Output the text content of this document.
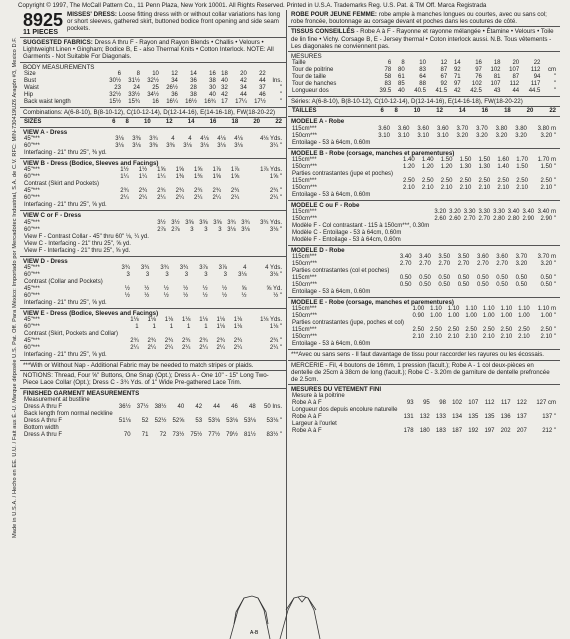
Copyright © 1997, The McCall Pattern Co., 11 Penn Plaza, New York 10001. All Rights Reserved. Printed in U.S.A. Trademarks Reg. U.S. Pat. & TM Off. Marca Registrada
Made in U.S.A. / Hecho en EE. U.U. / Fait aux É.-U. Marque déposée U.S. Pat. Off. Para México: Importado por Mercadotec Industrial, S.A. de C.V. RFC: MIN-730419UZ6 Aragón #3, Mexico D.F.
8925
11 PIECES
MISSES' DRESS: Loose fitting dress with or without collar variations has long or short sleeves, gathered skirt, buttoned bodice front opening and side seam pockets.
SUGGESTED FABRICS: Dress A thru F - Rayon and Rayon Blends • Challis • Velours • Lightweight Linen • Gingham; Bodice B, E - also Thermal Knits • Cotton Interlock. NOTE: All Garments - Not Suitable For Diagonals.
BODY MEASUREMENTS
Size	6	8	10	12	14	16	18	20	22	
Bust	30½	31½	32½	34	36	38	40	42	44	Ins.
Waist	23	24	25	26½	28	30	32	34	37	"
Hip	32½	33½	34½	36	38	40	42	44	46	"
Back waist length	15½	15¾	16	16¼	16½	16¾	17	17¼	17½	"
Combinations: A(6-8-10), B(8-10-12), C(10-12-14), D(12-14-16), E(14-16-18), FW(18-20-22)
SIZES	6	8	10	12	14	16	18	20	22
VIEW A - Dress
45"***	3⅛	3⅜	3¾	4	4	4⅛	4⅛	4⅛	4⅛ Yds.
60"***	3⅛	3⅛	3⅜	3⅜	3⅛	3⅛	3⅛	3⅛	3¼ "
Interfacing - 21" thru 25", ⅜ yd.									
VIEW B - Dress (Bodice, Sleeves and Facings)
45"***		1½	1½	1⅝	1⅝	1⅝	1⅞	1⅞	1⅞ Yds.
60"***		1¼	1¼	1¼	1⅜	1⅜	1⅝	1⅝	1⅝ "
Contrast (Skirt and Pockets)									
45"***		2¾	2¾	2¾	2¾	2¾	2¾	2¾	2¾ "
60"***		2¼	2¼	2¼	2¼	2¼	2¼	2¼	2¼ "
Interfacing - 21" thru 25", ⅝ yd.									
VIEW C or F - Dress
45"***		3½	3½	3⅝	3⅝	3⅝	3¾	3¾	3¾ Yds.
60"***		2⅞	2⅞	3	3	3	3⅛	3⅛	3⅛ "
View F - Contrast Collar - 45" thru 60" ⅛, ¼ yd.									
View C - Interfacing - 21" thru 25", ⅝ yd.									
View F - Interfacing - 21" thru 25", ⅝ yd.									
VIEW D - Dress
45"***		3¾	3¾	3¾	3¾	3⅞	3⅞	4	4 Yds.
60"***		3	3	3	3	3	3	3⅛	3⅛ "
Contrast (Collar and Pockets)									
45"***		½	½	½	½	½	½	⅝	⅝ Yd.
60"***		½	½	½	½	½	½	½	½ "
Interfacing - 21" thru 25", ⅝ yd.									
VIEW E - Dress (Bodice, Sleeves and Facings)
45"***		1⅛	1⅛	1⅛	1⅛	1⅛	1⅛	1⅛	1⅛ Yds.
60"***		1	1	1	1	1	1⅛	1⅛	1⅛ "
Contrast (Skirt, Pockets and Collar)									
45"***		2¾	2¾	2¾	2¾	2¾	2¾	2¾	2¾ "
60"***		2¼	2¼	2¼	2¼	2¼	2¼	2¼	2¼ "
Interfacing - 21" thru 25", ⅝ yd.									
***With or Without Nap - Additional Fabric may be needed to match stripes or plaids.
NOTIONS: Thread, Four ⅝" Buttons, One Snap (Opt.); Dress A - One 10" - 15" Long Two-Piece Lace Collar (Opt.); Dress C - 3¾ Yds. of 1" Wide Pre-gathered Lace Trim.
FINISHED GARMENT MEASUREMENTS
Measurement at bustline									
Dress A thru F	36½	37½	38½	40	42	44	46	48	50 Ins.
Back length from normal neckline									
Dress A thru F	51⅛	52	52½	52⅝	53	53⅛	53⅛	53⅛	53⅛ "
Bottom width									
Dress A thru F	70	71	72	73½	75½	77½	79½	81½	83½ "
ROBE POUR JEUNE FEMME: robe ample à manches longues ou courtes, avec ou sans col; robe froncée, boutonnage au corsage devant et poches dans les coutures de côté.
TISSUS CONSEILLÉS - Robe A à F - Rayonne et rayonne mélangée • Étamine • Velours • Toile de lin fine • Vichy. Corsage B, E - Jersey thermal • Coton interlock aussi. N.B. Tous vêtements - Les diagonales ne conviennent pas.
MESURES
Taille	6	8	10	12	14	16	18	20	22	
Tour de poitrine	78	80	83	87	92	97	102	107	112	cm
Tour de taille	58	61	64	67	71	76	81	87	94	"
Tour de hanches	83	85	88	92	97	102	107	112	117	"
Longueur dos	39.5	40	40.5	41.5	42	42.5	43	44	44.5	"
Séries: A(6-8-10), B(8-10-12), C(10-12-14), D(12-14-16), E(14-16-18), FW(18-20-22)
TAILLES	6	8	10	12	14	16	18	20	22
MODELE A - Robe
115cm***	3.60	3.60	3.60	3.60	3.70	3.70	3.80	3.80	3.80 m
150cm***	3.10	3.10	3.10	3.10	3.20	3.20	3.20	3.20	3.20 "
Entoilage - 53 à 64cm, 0.60m									
MODELE B - Robe (corsage, manches et parementures)
115cm***		1.40	1.40	1.50	1.50	1.50	1.60	1.70	1.70 m
150cm***		1.20	1.20	1.20	1.30	1.30	1.40	1.50	1.50 "
Parties contrastantes (jupe et poches)									
115cm***		2.50	2.50	2.50	2.50	2.50	2.50	2.50	2.50 "
150cm***		2.10	2.10	2.10	2.10	2.10	2.10	2.10	2.10 "
Entoilage - 53 à 64cm, 0.60m									
MODELE C ou F - Robe
115cm***		3.20	3.20	3.30	3.30	3.30	3.40	3.40	3.40 m
150cm***		2.60	2.60	2.70	2.70	2.80	2.80	2.90	2.90 "
Modèle F - Col contrastant - 115 à 150cm***, 0.30m									
Modèle C - Entoilage - 53 à 64cm, 0.60m									
Modèle F - Entoilage - 53 à 64cm, 0.60m									
MODELE D - Robe
115cm***		3.40	3.40	3.50	3.50	3.60	3.60	3.70	3.70 m
150cm***		2.70	2.70	2.70	2.70	2.70	2.70	3.20	3.20 "
Parties contrastantes (col et poches)									
115cm***		0.50	0.50	0.50	0.50	0.50	0.50	0.50	0.50 "
150cm***		0.50	0.50	0.50	0.50	0.50	0.50	0.50	0.50 "
Entoilage - 53 à 64cm, 0.60m									
MODELE E - Robe (corsage, manches et parementures)
115cm***		1.00	1.10	1.10	1.10	1.10	1.10	1.10	1.10 m
150cm***		0.90	1.00	1.00	1.00	1.00	1.00	1.00	1.00 "
Parties contrastantes (jupe, poches et col)									
115cm***		2.50	2.50	2.50	2.50	2.50	2.50	2.50	2.50 "
150cm***		2.10	2.10	2.10	2.10	2.10	2.10	2.10	2.10 "
Entoilage - 53 à 64cm, 0.60m									
***Avec ou sans sens - Il faut davantage de tissu pour raccorder les rayures ou les écossais.
MERCERIE - Fil, 4 boutons de 16mm, 1 pression (facult.); Robe A - 1 col deux-pièces en dentelle de 25cm à 38cm de long (facult.); Robe C - 3.20m de garniture de dentelle prefroncée de 2.5cm.
MESURES DU VETEMENT FINI
Mesure à la poitrine									
Robe A à F	93	95	98	102	107	112	117	122	127 cm
Longueur dos depuis encolure naturelle									
Robe A à F	131	132	133	134	135	135	136	137	137 "
Largeur à l'ourlet									
Robe A à F	178	180	183	187	192	197	202	207	212 "
A-B
